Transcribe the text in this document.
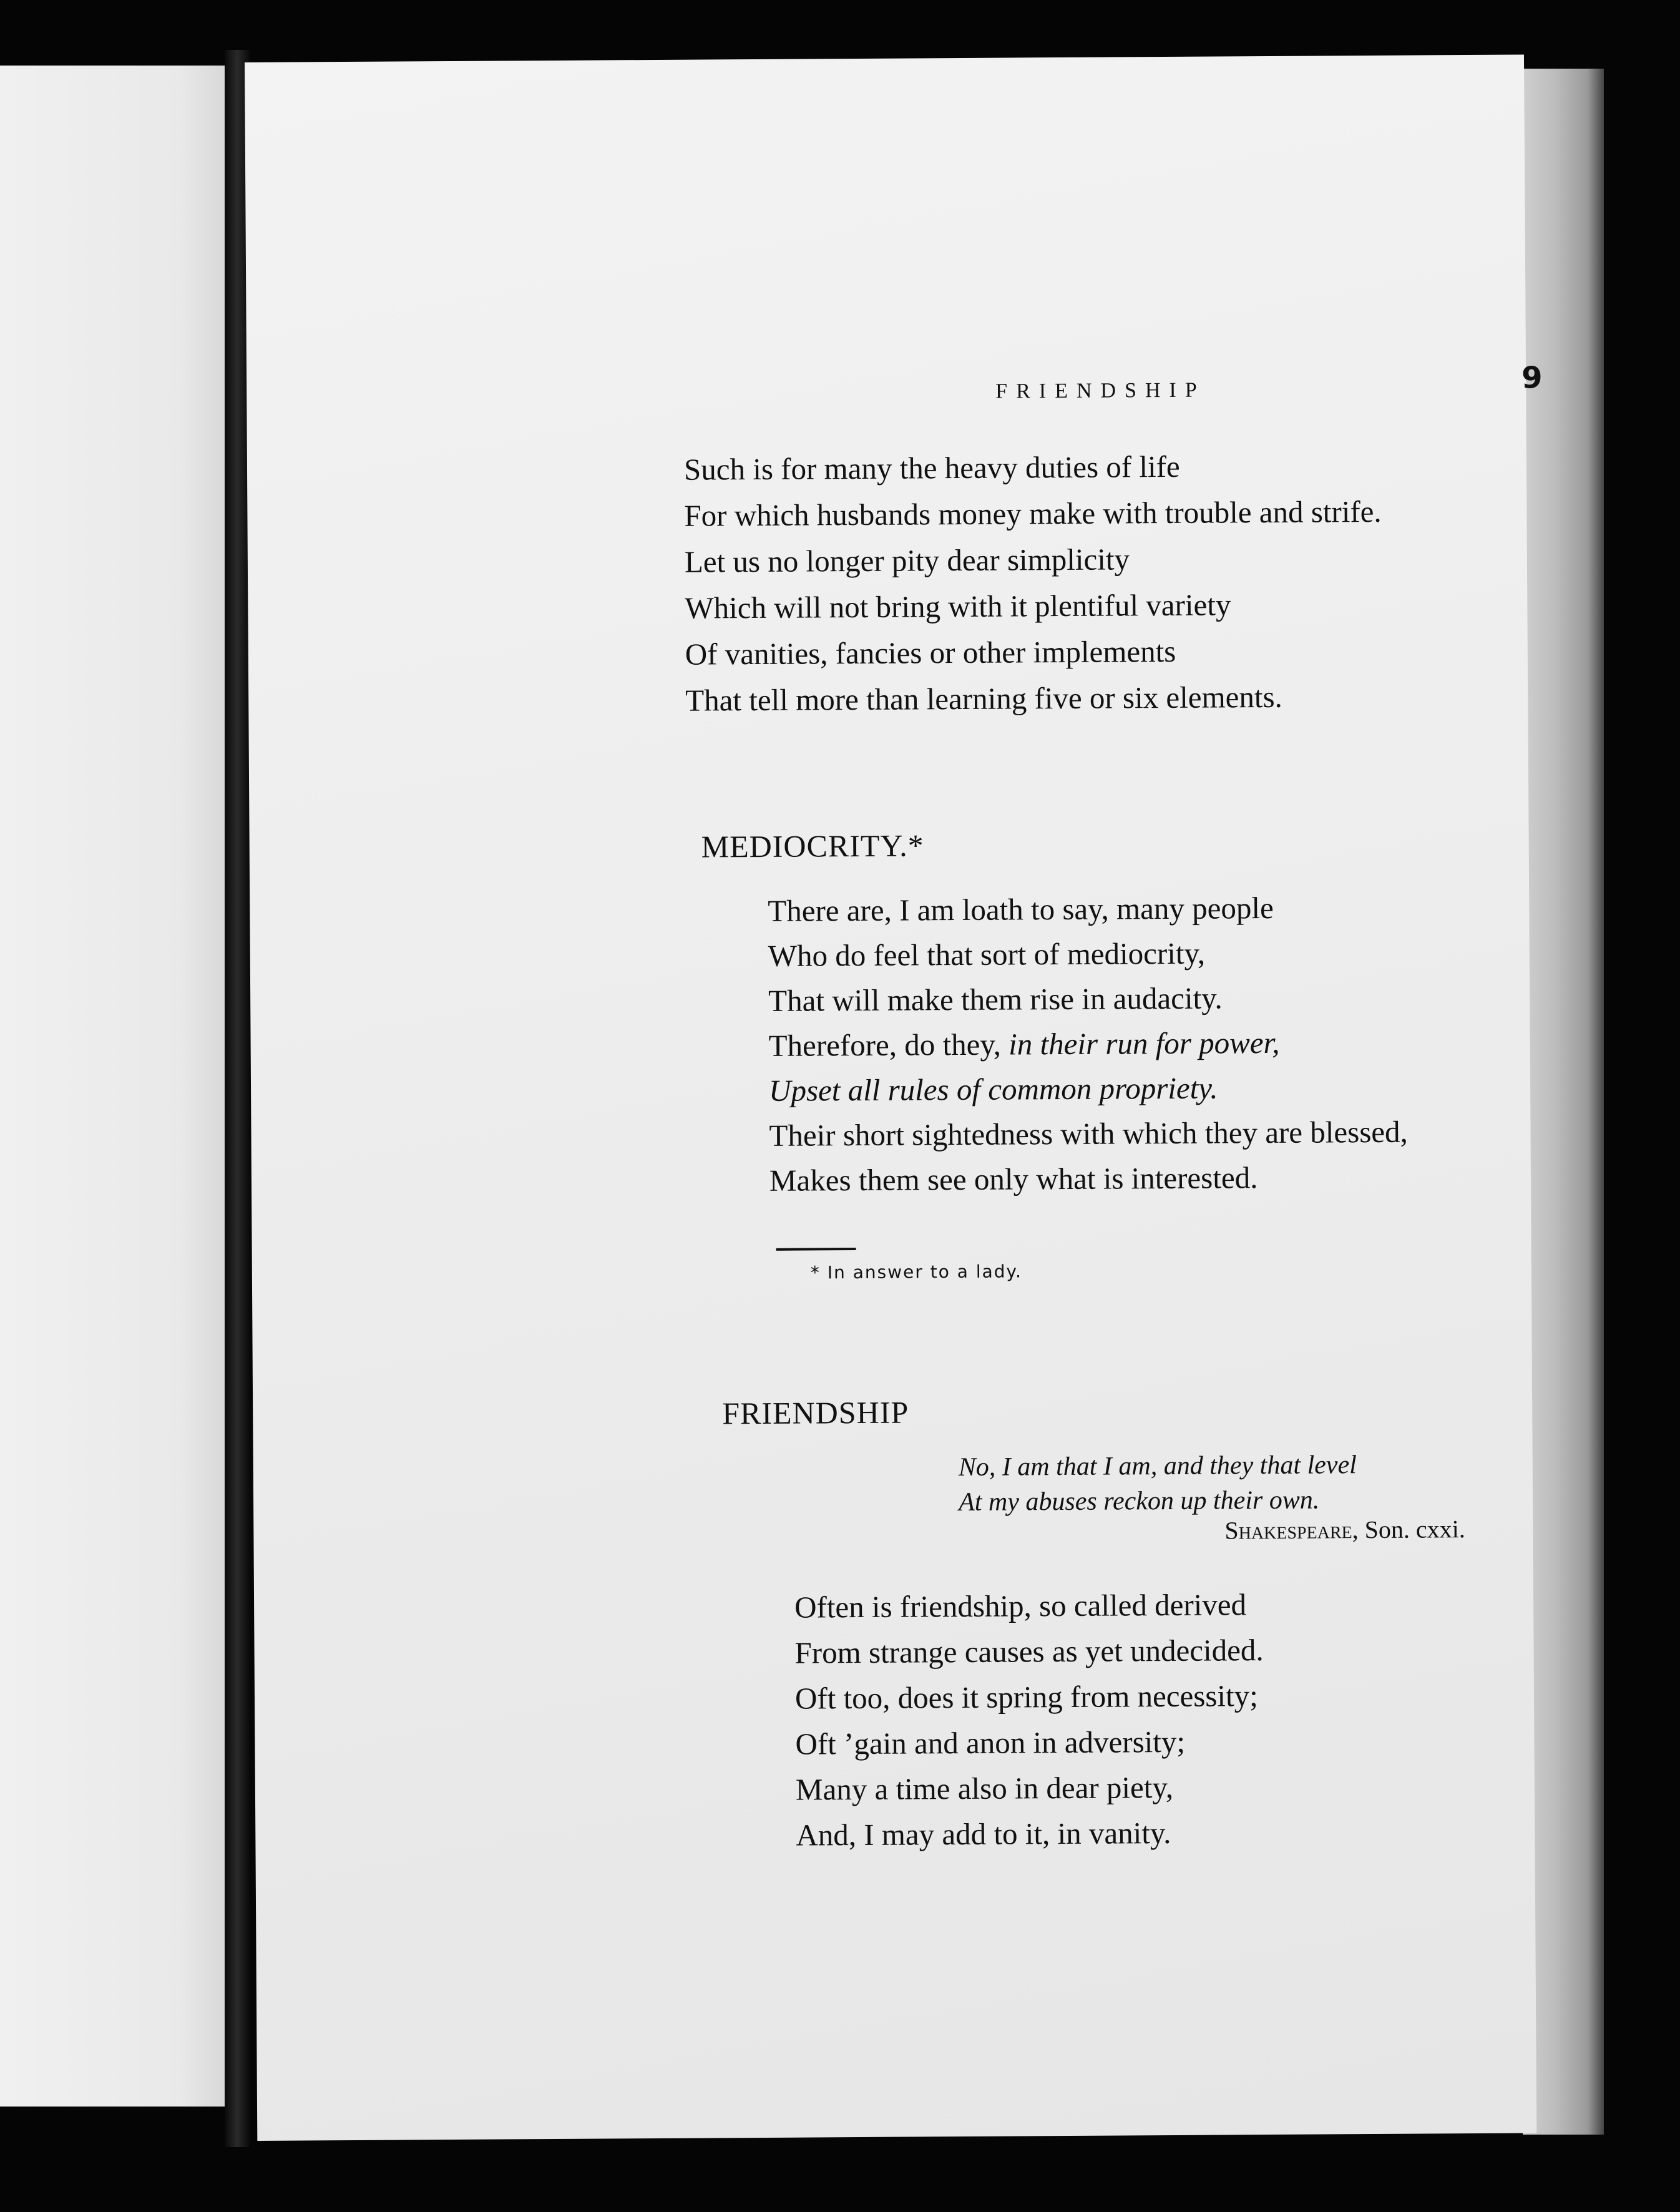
FRIENDSHIP	9
Such is for many the heavy duties of life
For which husbands money make with trouble and strife.
Let us no longer pity dear simplicity
Which will not bring with it plentiful variety
Of vanities, fancies or other implements
That tell more than learning five or six elements.
MEDIOCRITY.*
There are, I am loath to say, many people
Who do feel that sort of mediocrity,
That will make them rise in audacity.
Therefore, do they, in their run for power,
Upset all rules of common propriety.
Their short sightedness with which they are blessed,
Makes them see only what is interested.
* In answer to a lady.
FRIENDSHIP
No, I am that I am, and they that level
At my abuses reckon up their own.
Shakespeare, Son. cxxi.
Often is friendship, so called derived
From strange causes as yet undecided.
Oft too, does it spring from necessity;
Oft ’gain and anon in adversity;
Many a time also in dear piety,
And, I may add to it, in vanity.
